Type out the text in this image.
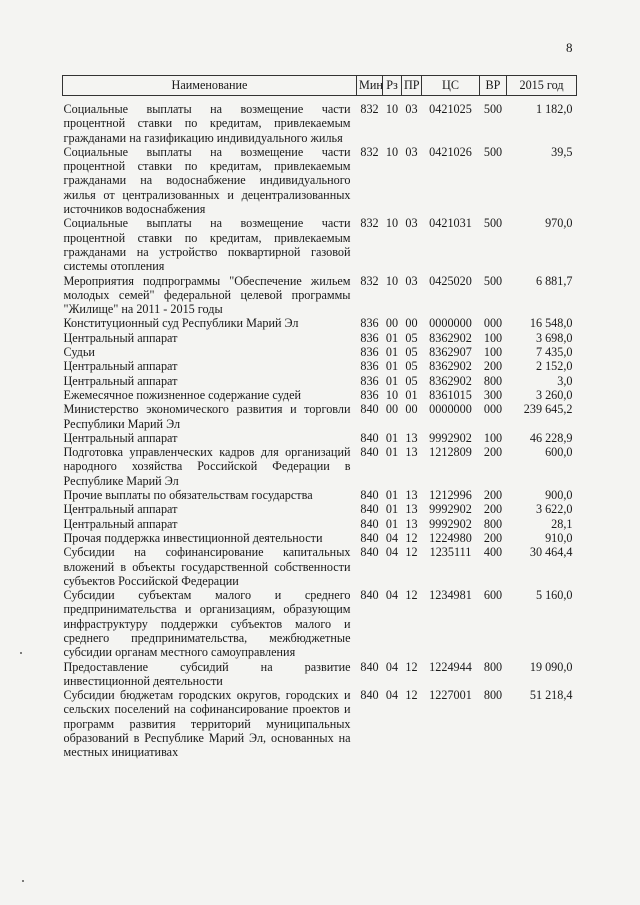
8
Наименование	Мин	Рз	ПР	ЦС	ВР	2015 год
Социальные выплаты на возмещение части процентной ставки по кредитам, привлекаемым гражданами на газификацию индивидуального жилья	832	10	03	0421025	500	1 182,0
Социальные выплаты на возмещение части процентной ставки по кредитам, привлекаемым гражданами на водоснабжение индивидуального жилья от централизованных и децентрализованных источников водоснабжения	832	10	03	0421026	500	39,5
Социальные выплаты на возмещение части процентной ставки по кредитам, привлекаемым гражданами на устройство поквартирной газовой системы отопления	832	10	03	0421031	500	970,0
Мероприятия подпрограммы "Обеспечение жильем молодых семей" федеральной целевой программы "Жилище" на 2011 - 2015 годы	832	10	03	0425020	500	6 881,7
Конституционный суд Республики Марий Эл	836	00	00	0000000	000	16 548,0
Центральный аппарат	836	01	05	8362902	100	3 698,0
Судьи	836	01	05	8362907	100	7 435,0
Центральный аппарат	836	01	05	8362902	200	2 152,0
Центральный аппарат	836	01	05	8362902	800	3,0
Ежемесячное пожизненное содержание судей	836	10	01	8361015	300	3 260,0
Министерство экономического развития и торговли Республики Марий Эл	840	00	00	0000000	000	239 645,2
Центральный аппарат	840	01	13	9992902	100	46 228,9
Подготовка управленческих кадров для организаций народного хозяйства Российской Федерации в Республике Марий Эл	840	01	13	1212809	200	600,0
Прочие выплаты по обязательствам государства	840	01	13	1212996	200	900,0
Центральный аппарат	840	01	13	9992902	200	3 622,0
Центральный аппарат	840	01	13	9992902	800	28,1
Прочая поддержка инвестиционной деятельности	840	04	12	1224980	200	910,0
Субсидии на софинансирование капитальных вложений в объекты государственной собственности субъектов Российской Федерации	840	04	12	1235111	400	30 464,4
Субсидии субъектам малого и среднего предпринимательства и организациям, образующим инфраструктуру поддержки субъектов малого и среднего предпринимательства, межбюджетные субсидии органам местного самоуправления	840	04	12	1234981	600	5 160,0
Предоставление субсидий на развитие инвестиционной деятельности	840	04	12	1224944	800	19 090,0
Субсидии бюджетам городских округов, городских и сельских поселений на софинансирование проектов и программ развития территорий муниципальных образований в Республике Марий Эл, основанных на местных инициативах	840	04	12	1227001	800	51 218,4
